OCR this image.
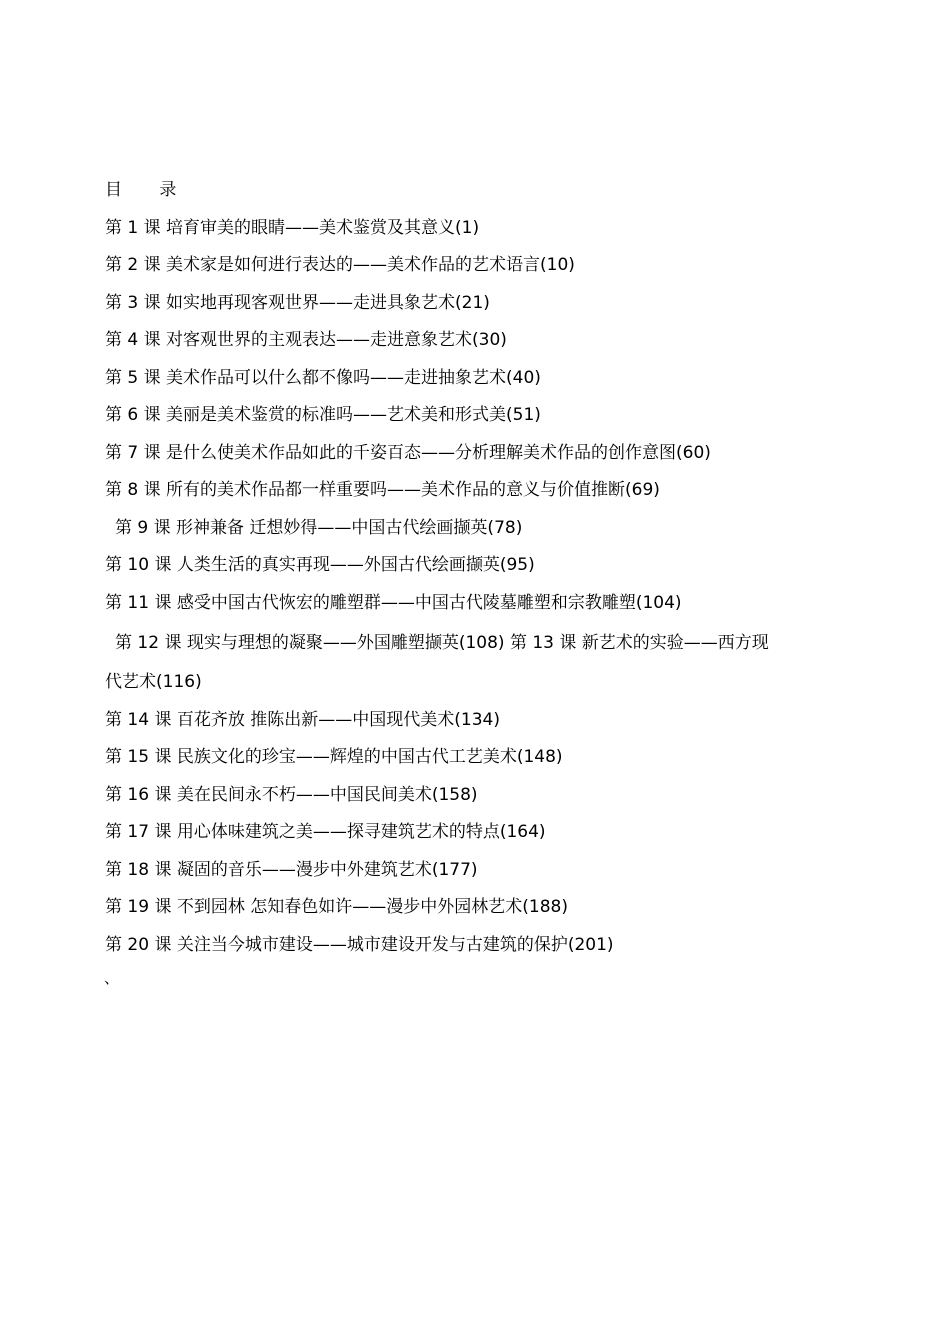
目 录
第 1 课 培育审美的眼睛——美术鉴赏及其意义(1)
第 2 课 美术家是如何进行表达的——美术作品的艺术语言(10)
第 3 课 如实地再现客观世界——走进具象艺术(21)
第 4 课 对客观世界的主观表达——走进意象艺术(30)
第 5 课 美术作品可以什么都不像吗——走进抽象艺术(40)
第 6 课 美丽是美术鉴赏的标准吗——艺术美和形式美(51)
第 7 课 是什么使美术作品如此的千姿百态——分析理解美术作品的创作意图(60)
第 8 课 所有的美术作品都一样重要吗——美术作品的意义与价值推断(69)
第 9 课 形神兼备 迁想妙得——中国古代绘画撷英(78)
第 10 课 人类生活的真实再现——外国古代绘画撷英(95)
第 11 课 感受中国古代恢宏的雕塑群——中国古代陵墓雕塑和宗教雕塑(104)
第 12 课 现实与理想的凝聚——外国雕塑撷英(108) 第 13 课 新艺术的实验——西方现
代艺术(116)
第 14 课 百花齐放 推陈出新——中国现代美术(134)
第 15 课 民族文化的珍宝——辉煌的中国古代工艺美术(148)
第 16 课 美在民间永不朽——中国民间美术(158)
第 17 课 用心体味建筑之美——探寻建筑艺术的特点(164)
第 18 课 凝固的音乐——漫步中外建筑艺术(177)
第 19 课 不到园林 怎知春色如许——漫步中外园林艺术(188)
第 20 课 关注当今城市建设——城市建设开发与古建筑的保护(201)
、
